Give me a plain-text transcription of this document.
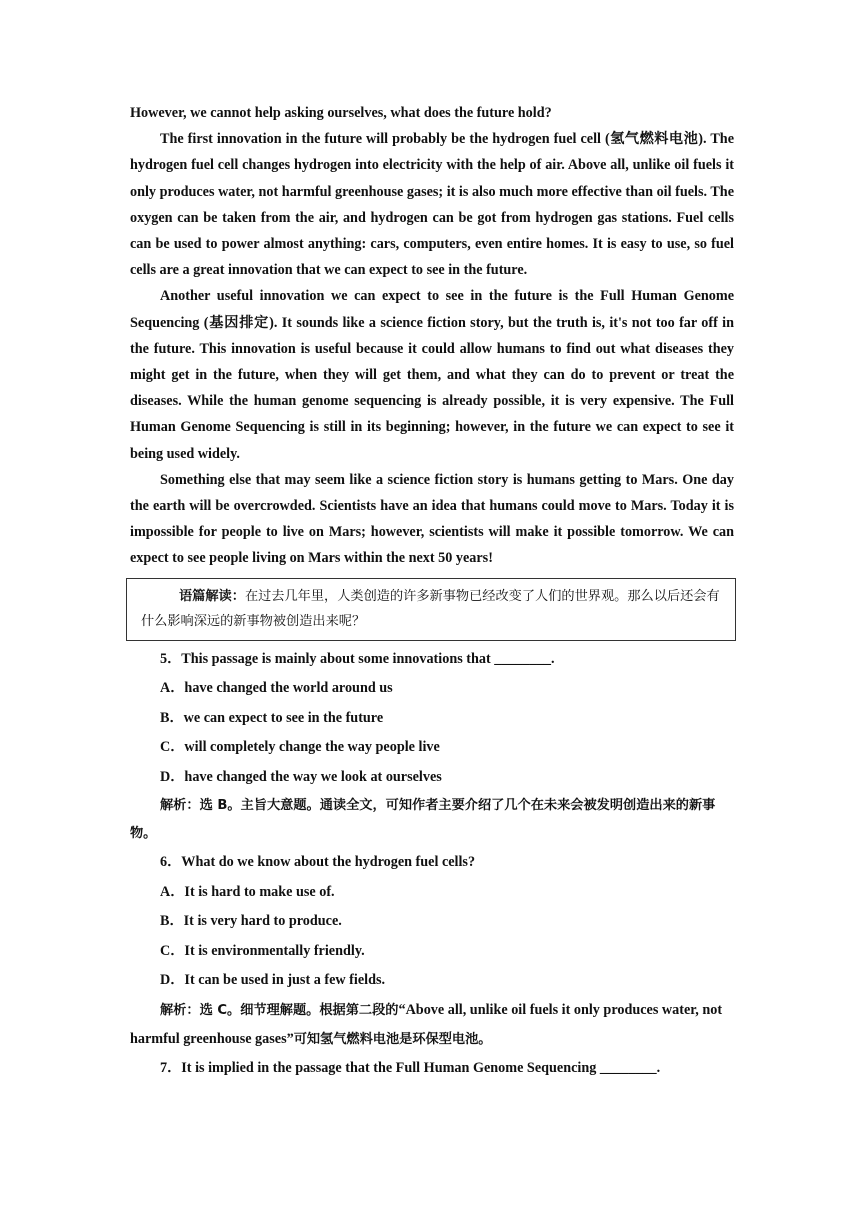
However, we cannot help asking ourselves, what does the future hold?

The first innovation in the future will probably be the hydrogen fuel cell (氢气燃料电池). The hydrogen fuel cell changes hydrogen into electricity with the help of air. Above all, unlike oil fuels it only produces water, not harmful greenhouse gases; it is also much more effective than oil fuels. The oxygen can be taken from the air, and hydrogen can be got from hydrogen gas stations. Fuel cells can be used to power almost anything: cars, computers, even entire homes. It is easy to use, so fuel cells are a great innovation that we can expect to see in the future.

Another useful innovation we can expect to see in the future is the Full Human Genome Sequencing (基因排定). It sounds like a science fiction story, but the truth is, it's not too far off in the future. This innovation is useful because it could allow humans to find out what diseases they might get in the future, when they will get them, and what they can do to prevent or treat the diseases. While the human genome sequencing is already possible, it is very expensive. The Full Human Genome Sequencing is still in its beginning; however, in the future we can expect to see it being used widely.

Something else that may seem like a science fiction story is humans getting to Mars. One day the earth will be overcrowded. Scientists have an idea that humans could move to Mars. Today it is impossible for people to live on Mars; however, scientists will make it possible tomorrow. We can expect to see people living on Mars within the next 50 years!

语篇解读：在过去几年里，人类创造的许多新事物已经改变了人们的世界观。那么以后还会有什么影响深远的新事物被创造出来呢？

5．This passage is mainly about some innovations that ________.

A．have changed the world around us

B．we can expect to see in the future

C．will completely change the way people live

D．have changed the way we look at ourselves

解析：选 B。主旨大意题。通读全文，可知作者主要介绍了几个在未来会被发明创造出来的新事物。

6．What do we know about the hydrogen fuel cells?

A．It is hard to make use of.

B．It is very hard to produce.

C．It is environmentally friendly.

D．It can be used in just a few fields.

解析：选 C。细节理解题。根据第二段的“Above all, unlike oil fuels it only produces water, not harmful greenhouse gases”可知氢气燃料电池是环保型电池。

7．It is implied in the passage that the Full Human Genome Sequencing ________.
